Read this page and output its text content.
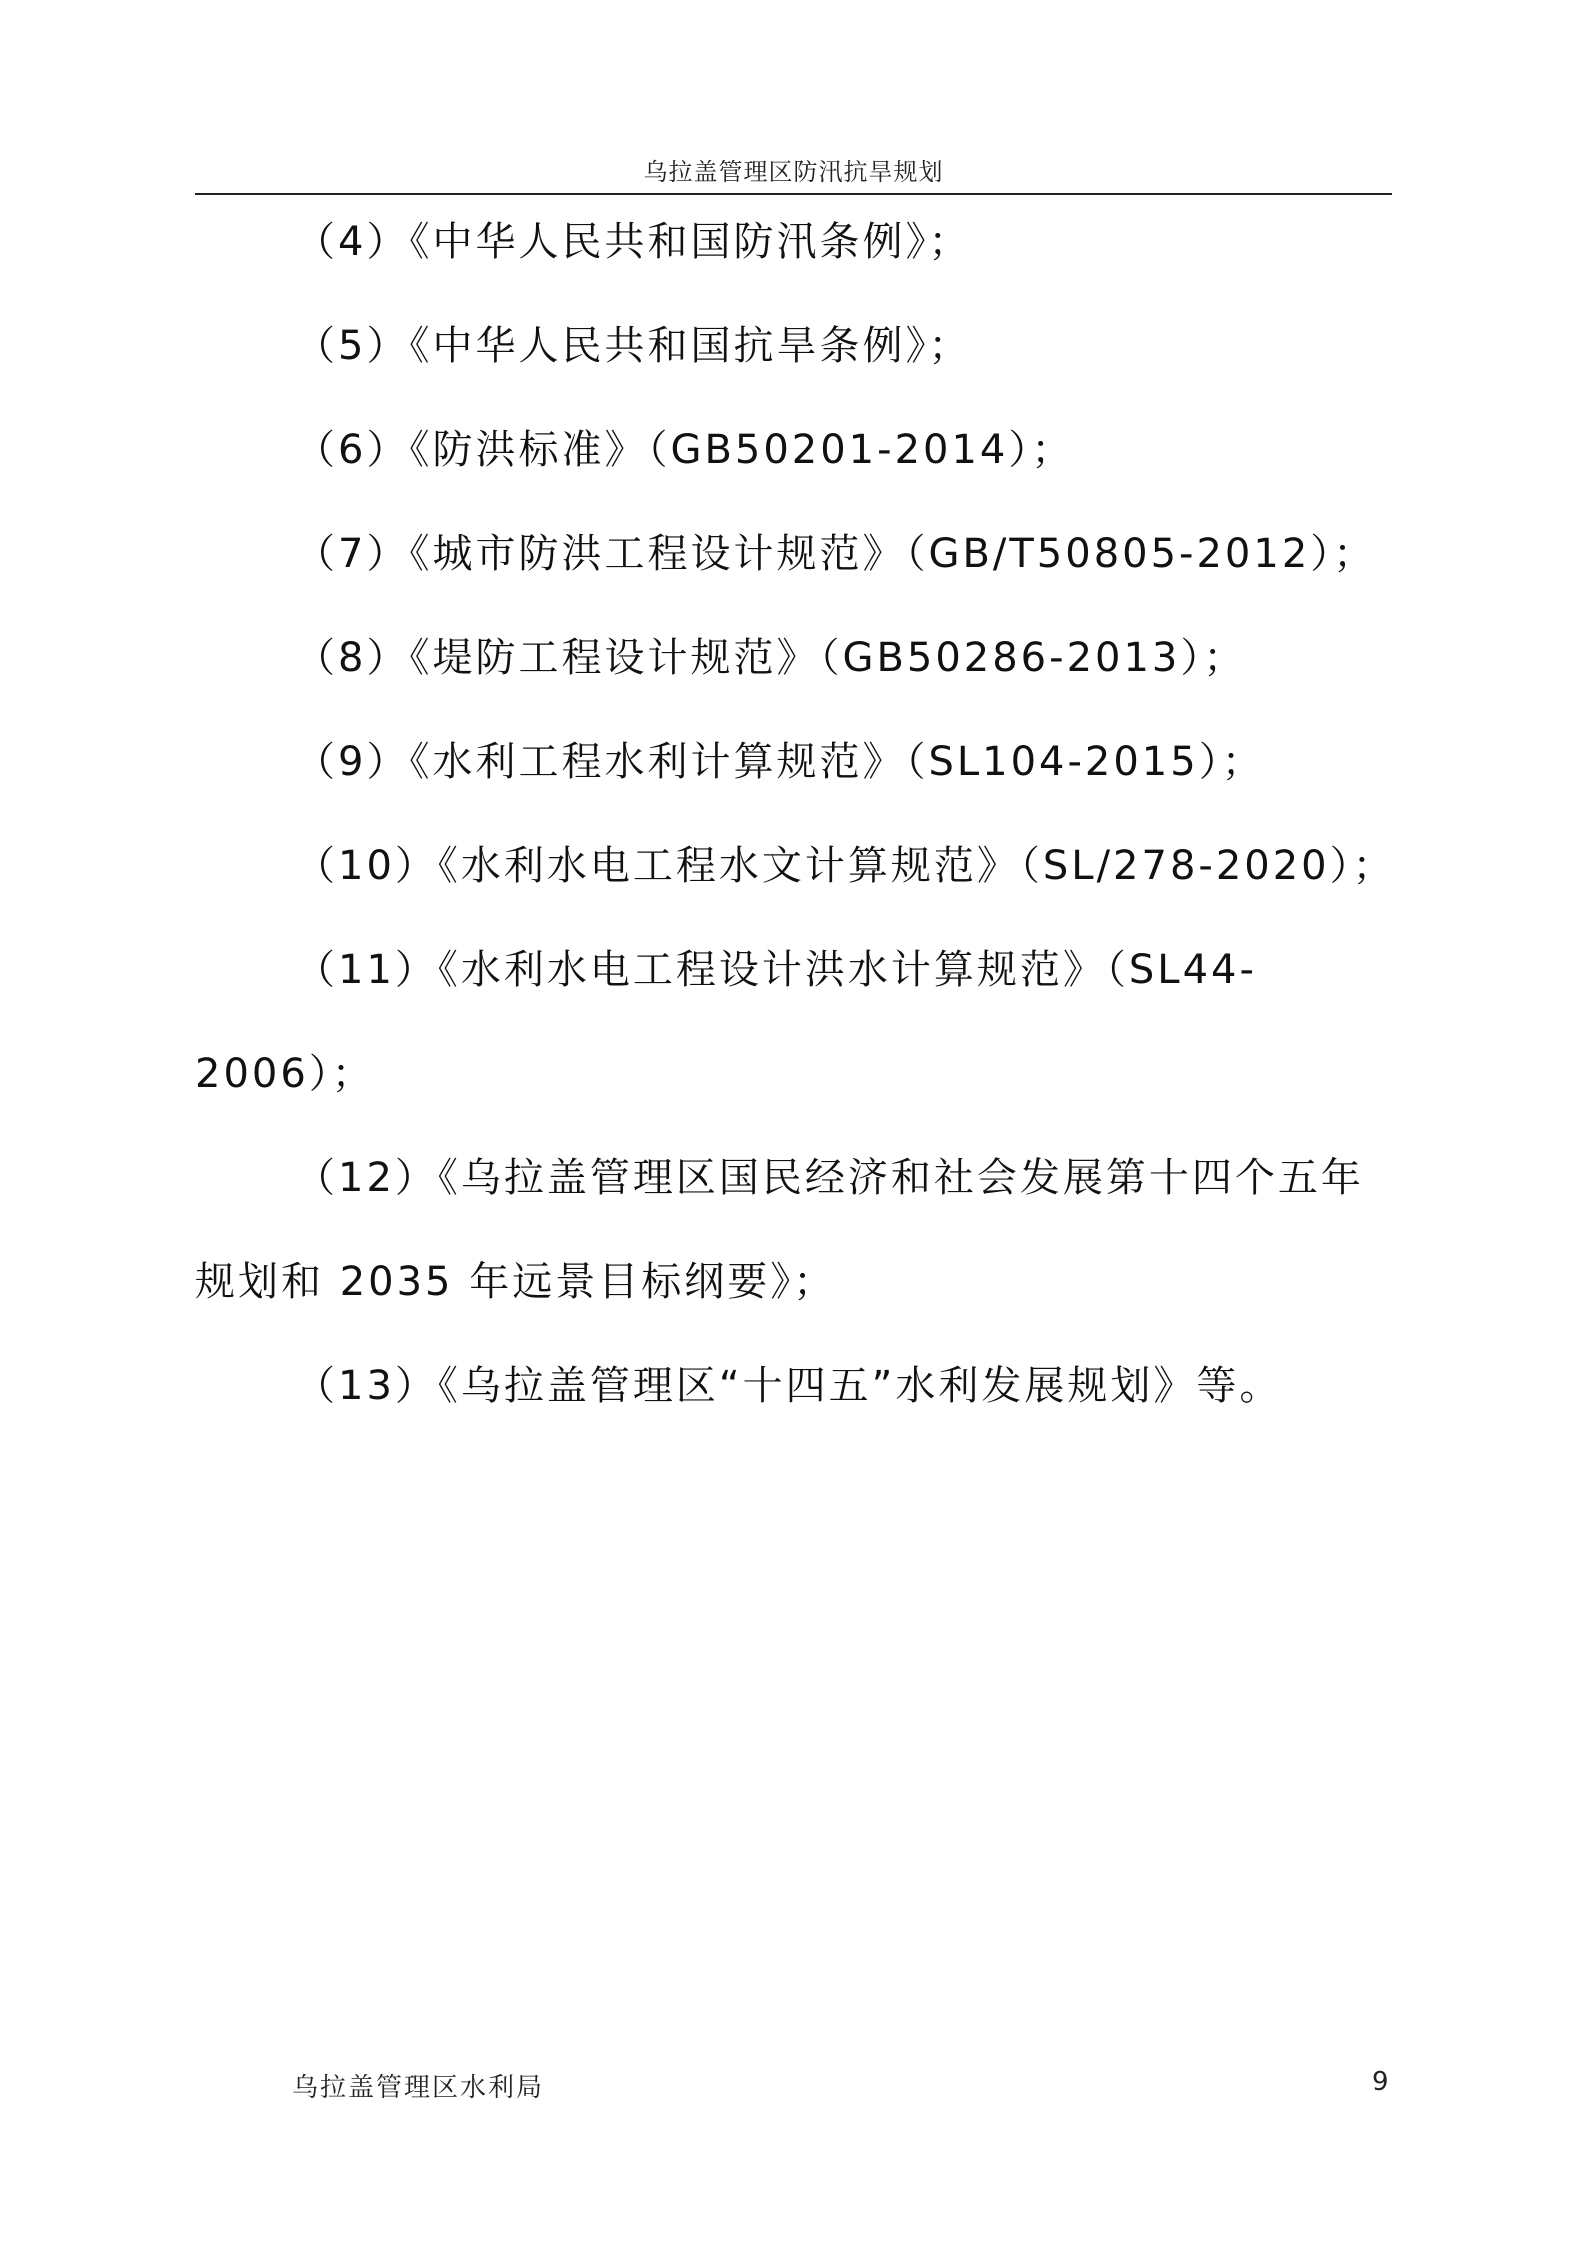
乌拉盖管理区防汛抗旱规划

（4）《中华人民共和国防汛条例》；

（5）《中华人民共和国抗旱条例》；

（6）《防洪标准》（GB50201-2014）；

（7）《城市防洪工程设计规范》（GB/T50805-2012）；

（8）《堤防工程设计规范》（GB50286-2013）；

（9）《水利工程水利计算规范》（SL104-2015）；

（10）《水利水电工程水文计算规范》（SL/278-2020）；

（11）《水利水电工程设计洪水计算规范》（SL44-2006）；

（12）《乌拉盖管理区国民经济和社会发展第十四个五年规划和 2035 年远景目标纲要》；

（13）《乌拉盖管理区“十四五”水利发展规划》等。

乌拉盖管理区水利局	9
